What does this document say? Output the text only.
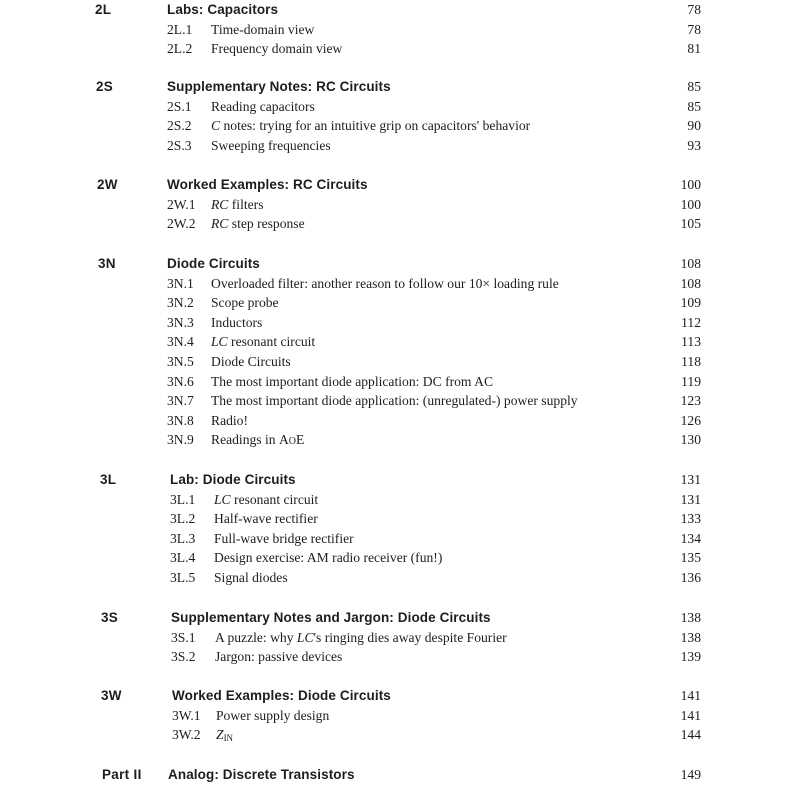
2L	Labs: Capacitors	78
2L.1 Time-domain view	78
2L.2 Frequency domain view	81
2S	Supplementary Notes: RC Circuits	85
2S.1 Reading capacitors	85
2S.2 C notes: trying for an intuitive grip on capacitors' behavior	90
2S.3 Sweeping frequencies	93
2W	Worked Examples: RC Circuits	100
2W.1 RC filters	100
2W.2 RC step response	105
3N	Diode Circuits	108
3N.1 Overloaded filter: another reason to follow our 10× loading rule	108
3N.2 Scope probe	109
3N.3 Inductors	112
3N.4 LC resonant circuit	113
3N.5 Diode Circuits	118
3N.6 The most important diode application: DC from AC	119
3N.7 The most important diode application: (unregulated-) power supply	123
3N.8 Radio!	126
3N.9 Readings in AoE	130
3L	Lab: Diode Circuits	131
3L.1 LC resonant circuit	131
3L.2 Half-wave rectifier	133
3L.3 Full-wave bridge rectifier	134
3L.4 Design exercise: AM radio receiver (fun!)	135
3L.5 Signal diodes	136
3S	Supplementary Notes and Jargon: Diode Circuits	138
3S.1 A puzzle: why LC's ringing dies away despite Fourier	138
3S.2 Jargon: passive devices	139
3W	Worked Examples: Diode Circuits	141
3W.1 Power supply design	141
3W.2 $Z_{IN}$	144
Part II Analog: Discrete Transistors	149
